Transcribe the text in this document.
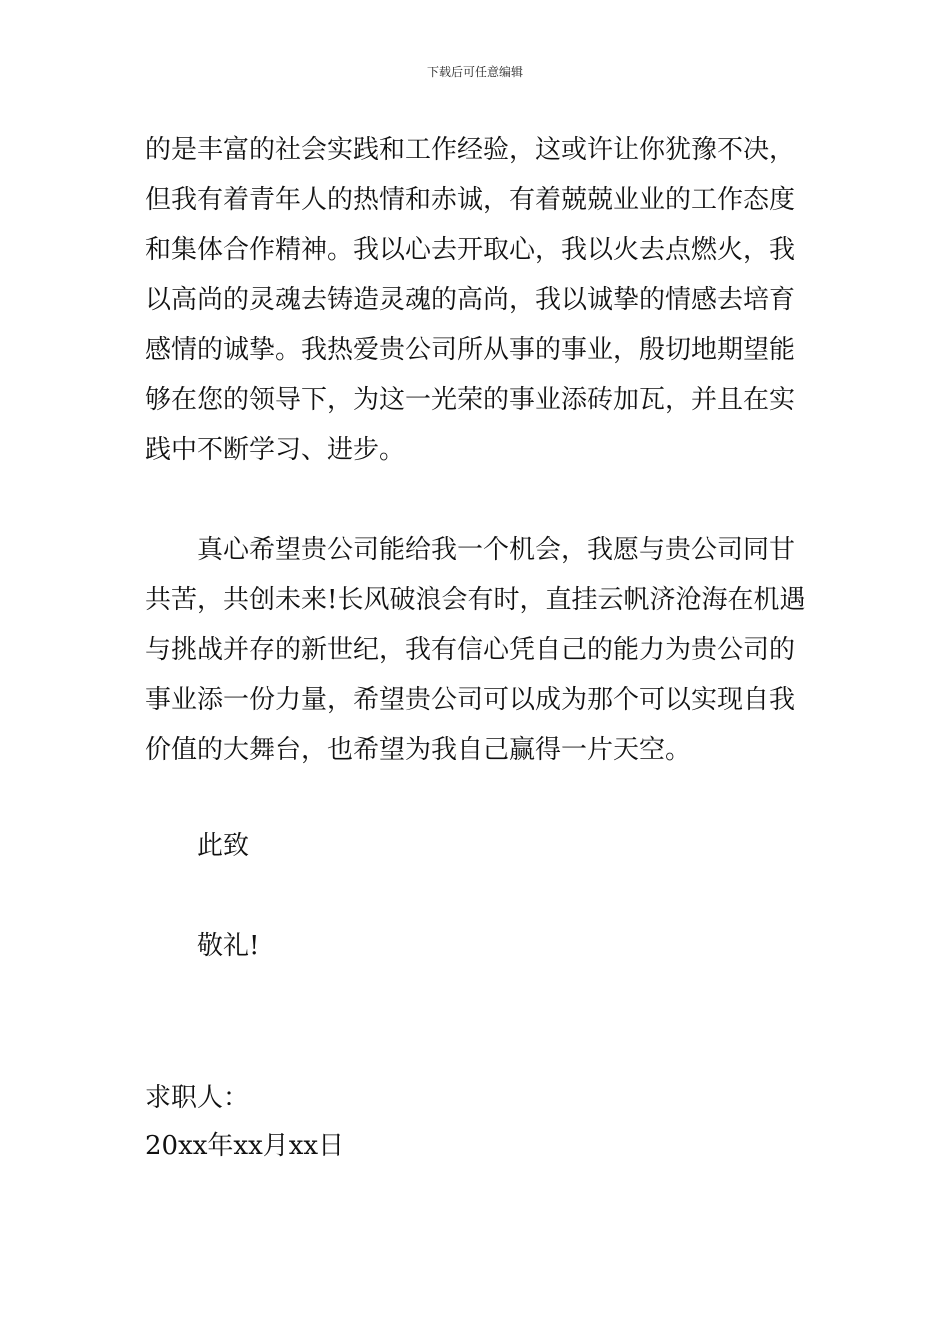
下载后可任意编辑
的是丰富的社会实践和工作经验，这或许让你犹豫不决，
但我有着青年人的热情和赤诚，有着兢兢业业的工作态度
和集体合作精神。我以心去开取心，我以火去点燃火，我
以高尚的灵魂去铸造灵魂的高尚，我以诚挚的情感去培育
感情的诚挚。我热爱贵公司所从事的事业，殷切地期望能
够在您的领导下，为这一光荣的事业添砖加瓦，并且在实
践中不断学习、进步。
真心希望贵公司能给我一个机会，我愿与贵公司同甘
共苦，共创未来!长风破浪会有时，直挂云帆济沧海在机遇
与挑战并存的新世纪，我有信心凭自己的能力为贵公司的
事业添一份力量，希望贵公司可以成为那个可以实现自我
价值的大舞台，也希望为我自己赢得一片天空。
此致
敬礼!
求职人：
20xx年xx月xx日
